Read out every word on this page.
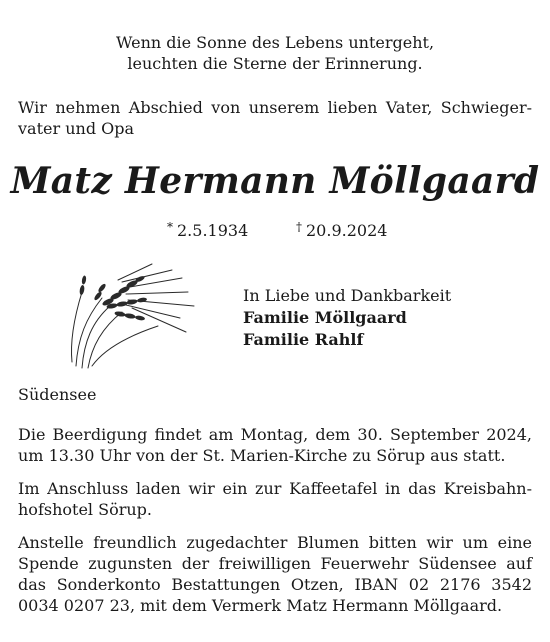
Wenn die Sonne des Lebens untergeht,
leuchten die Sterne der Erinnerung.
Wir nehmen Abschied von unserem lieben Vater, Schwieger- vater und Opa
Matz Hermann Möllgaard
* 2.5.1934	† 20.9.2024
In Liebe und Dankbarkeit
Familie Möllgaard
Familie Rahlf
Südensee
Die Beerdigung findet am Montag, dem 30. September 2024, um 13.30 Uhr von der St. Marien-Kirche zu Sörup aus statt.
Im Anschluss laden wir ein zur Kaffeetafel in das Kreisbahn- hofshotel Sörup.
Anstelle freundlich zugedachter Blumen bitten wir um eine Spende zugunsten der freiwilligen Feuerwehr Südensee auf das Sonderkonto Bestattungen Otzen, IBAN 02 2176 3542 0034 0207 23, mit dem Vermerk Matz Hermann Möllgaard.
